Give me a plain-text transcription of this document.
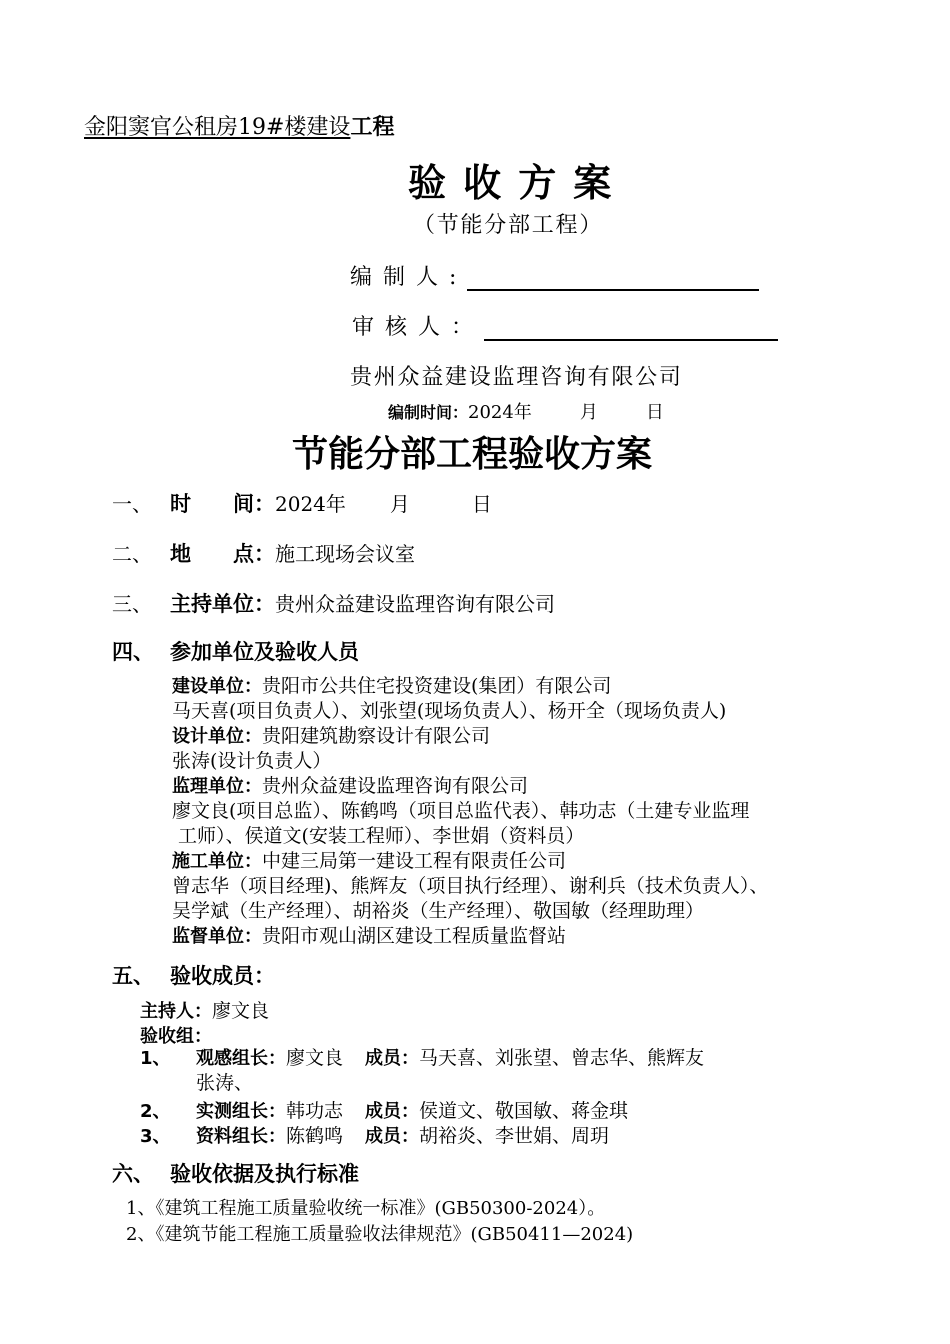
金阳窦官公租房19#楼建设工程
验收方案
（节能分部工程）
编制人:
审核人：
贵州众益建设监理咨询有限公司
编制时间：2024年	月	日
节能分部工程验收方案
一、 时　　间：2024年 月	日
二、 地　　点：施工现场会议室
三、 主持单位：贵州众益建设监理咨询有限公司
四、 参加单位及验收人员
建设单位：贵阳市公共住宅投资建设(集团）有限公司
马天喜(项目负责人）、刘张望(现场负责人）、杨开全（现场负责人)
设计单位：贵阳建筑勘察设计有限公司
张涛(设计负责人）
监理单位：贵州众益建设监理咨询有限公司
廖文良(项目总监）、陈鹤鸣（项目总监代表）、韩功志（土建专业监理
工师）、侯道文(安装工程师）、李世娟（资料员）
施工单位：中建三局第一建设工程有限责任公司
曾志华（项目经理)、熊辉友（项目执行经理）、谢利兵（技术负责人）、
吴学斌（生产经理）、胡裕炎（生产经理）、敬国敏（经理助理）
监督单位：贵阳市观山湖区建设工程质量监督站
五、 验收成员：
主持人：廖文良
验收组：
1、 观感组长：廖文良 成员：马天喜、刘张望、曾志华、熊辉友
张涛、
2、 实测组长：韩功志 成员：侯道文、敬国敏、蒋金琪
3、 资料组长：陈鹤鸣 成员：胡裕炎、李世娟、周玥
六、 验收依据及执行标准
1、《建筑工程施工质量验收统一标准》(GB50300-2024）。
2、《建筑节能工程施工质量验收法律规范》(GB50411—2024)
